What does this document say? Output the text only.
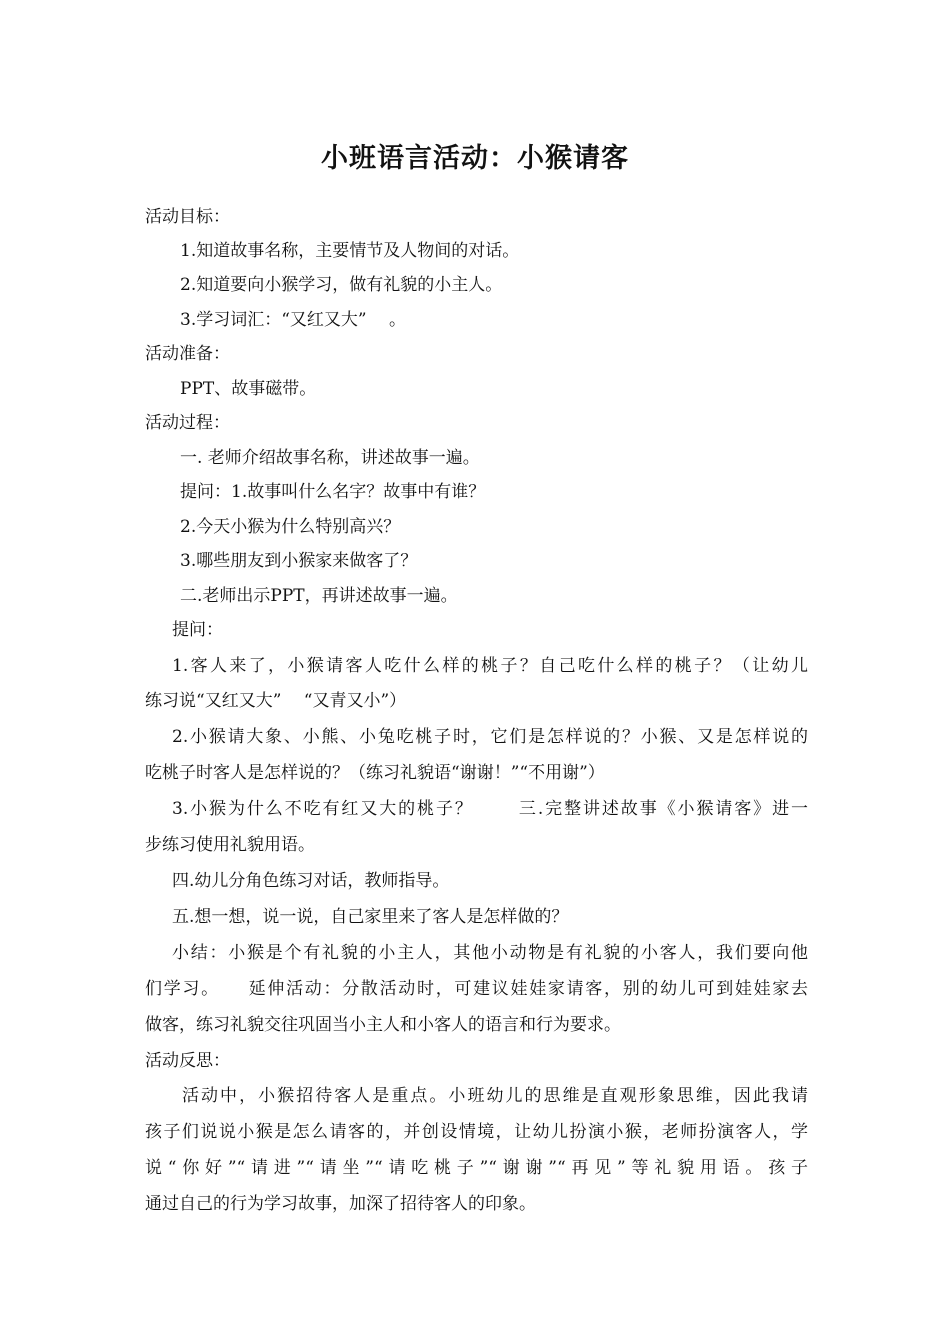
小班语言活动：小猴请客
活动目标：
1.知道故事名称，主要情节及人物间的对话。
2.知道要向小猴学习，做有礼貌的小主人。
3.学习词汇：“又红又大”　 。
活动准备：
PPT、故事磁带。
活动过程：
一. 老师介绍故事名称，讲述故事一遍。
提问：1.故事叫什么名字？故事中有谁？
2.今天小猴为什么特别高兴？
3.哪些朋友到小猴家来做客了？
二.老师出示PPT，再讲述故事一遍。
提问：
1.客人来了，小猴请客人吃什么样的桃子？自己吃什么样的桃子？（让幼儿
练习说“又红又大”　 “又青又小”）
2.小猴请大象、小熊、小兔吃桃子时，它们是怎样说的？小猴、又是怎样说的
吃桃子时客人是怎样说的？（练习礼貌语“谢谢！”“不用谢”）
3.小猴为什么不吃有红又大的桃子？　　 三.完整讲述故事《小猴请客》进一
步练习使用礼貌用语。
四.幼儿分角色练习对话，教师指导。
五.想一想，说一说，自己家里来了客人是怎样做的？
小结：小猴是个有礼貌的小主人，其他小动物是有礼貌的小客人，我们要向他
们学习。　　延伸活动：分散活动时，可建议娃娃家请客，别的幼儿可到娃娃家去
做客，练习礼貌交往巩固当小主人和小客人的语言和行为要求。
活动反思：
活动中，小猴招待客人是重点。小班幼儿的思维是直观形象思维，因此我请
孩子们说说小猴是怎么请客的，并创设情境，让幼儿扮演小猴，老师扮演客人，学
说“你好”“请进”“请坐”“请吃桃子”“谢谢”“再见”等礼貌用语。孩子
通过自己的行为学习故事，加深了招待客人的印象。
